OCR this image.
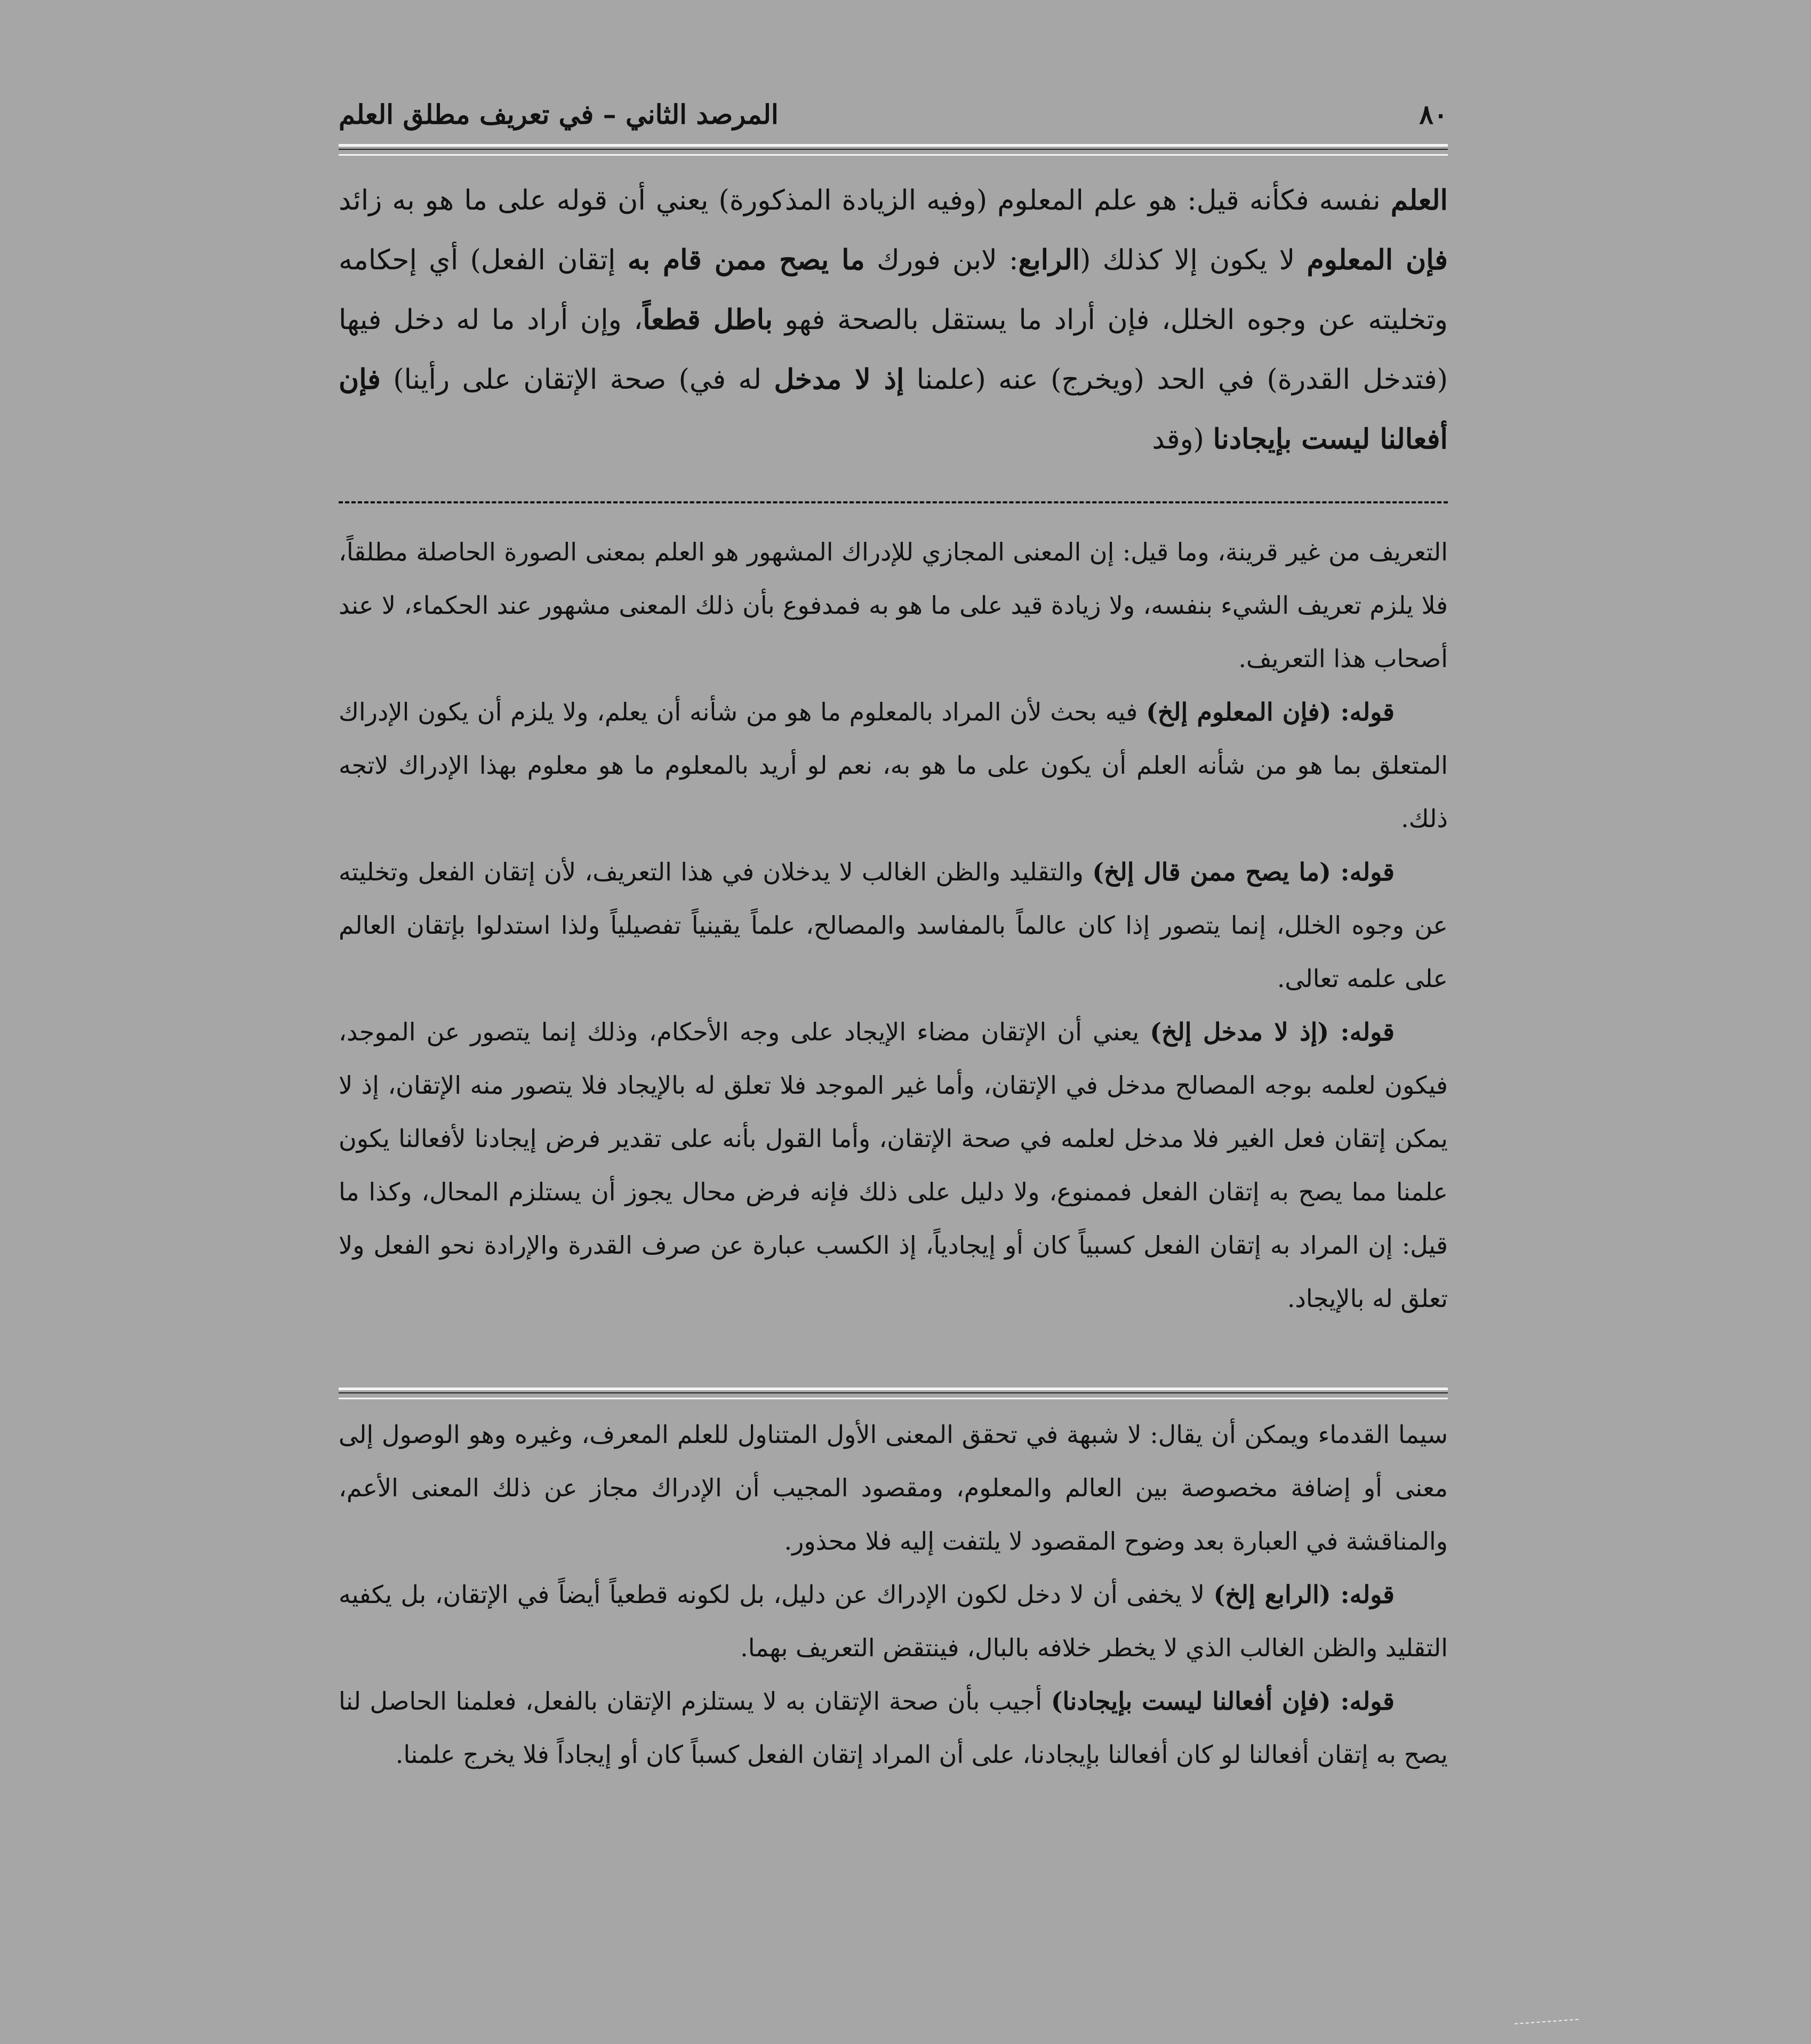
٨٠
المرصد الثاني – في تعريف مطلق العلم

العلم نفسه فكأنه قيل: هو علم المعلوم (وفيه الزيادة المذكورة) يعني أن قوله على ما هو به زائد فإن المعلوم لا يكون إلا كذلك (الرابع: لابن فورك ما يصح ممن قام به إتقان الفعل) أي إحكامه وتخليته عن وجوه الخلل، فإن أراد ما يستقل بالصحة فهو باطل قطعاً، وإن أراد ما له دخل فيها (فتدخل القدرة) في الحد (ويخرج) عنه (علمنا إذ لا مدخل له في) صحة الإتقان على رأينا) فإن أفعالنا ليست بإيجادنا (وقد

التعريف من غير قرينة، وما قيل: إن المعنى المجازي للإدراك المشهور هو العلم بمعنى الصورة الحاصلة مطلقاً، فلا يلزم تعريف الشيء بنفسه، ولا زيادة قيد على ما هو به فمدفوع بأن ذلك المعنى مشهور عند الحكماء، لا عند أصحاب هذا التعريف.

قوله: (فإن المعلوم إلخ) فيه بحث لأن المراد بالمعلوم ما هو من شأنه أن يعلم، ولا يلزم أن يكون الإدراك المتعلق بما هو من شأنه العلم أن يكون على ما هو به، نعم لو أريد بالمعلوم ما هو معلوم بهذا الإدراك لاتجه ذلك.

قوله: (ما يصح ممن قال إلخ) والتقليد والظن الغالب لا يدخلان في هذا التعريف، لأن إتقان الفعل وتخليته عن وجوه الخلل، إنما يتصور إذا كان عالماً بالمفاسد والمصالح، علماً يقينياً تفصيلياً ولذا استدلوا بإتقان العالم على علمه تعالى.

قوله: (إذ لا مدخل إلخ) يعني أن الإتقان مضاء الإيجاد على وجه الأحكام، وذلك إنما يتصور عن الموجد، فيكون لعلمه بوجه المصالح مدخل في الإتقان، وأما غير الموجد فلا تعلق له بالإيجاد فلا يتصور منه الإتقان، إذ لا يمكن إتقان فعل الغير فلا مدخل لعلمه في صحة الإتقان، وأما القول بأنه على تقدير فرض إيجادنا لأفعالنا يكون علمنا مما يصح به إتقان الفعل فممنوع، ولا دليل على ذلك فإنه فرض محال يجوز أن يستلزم المحال، وكذا ما قيل: إن المراد به إتقان الفعل كسبياً كان أو إيجادياً، إذ الكسب عبارة عن صرف القدرة والإرادة نحو الفعل ولا تعلق له بالإيجاد.

سيما القدماء ويمكن أن يقال: لا شبهة في تحقق المعنى الأول المتناول للعلم المعرف، وغيره وهو الوصول إلى معنى أو إضافة مخصوصة بين العالم والمعلوم، ومقصود المجيب أن الإدراك مجاز عن ذلك المعنى الأعم، والمناقشة في العبارة بعد وضوح المقصود لا يلتفت إليه فلا محذور.

قوله: (الرابع إلخ) لا يخفى أن لا دخل لكون الإدراك عن دليل، بل لكونه قطعياً أيضاً في الإتقان، بل يكفيه التقليد والظن الغالب الذي لا يخطر خلافه بالبال، فينتقض التعريف بهما.

قوله: (فإن أفعالنا ليست بإيجادنا) أجيب بأن صحة الإتقان به لا يستلزم الإتقان بالفعل، فعلمنا الحاصل لنا يصح به إتقان أفعالنا لو كان أفعالنا بإيجادنا، على أن المراد إتقان الفعل كسباً كان أو إيجاداً فلا يخرج علمنا.
